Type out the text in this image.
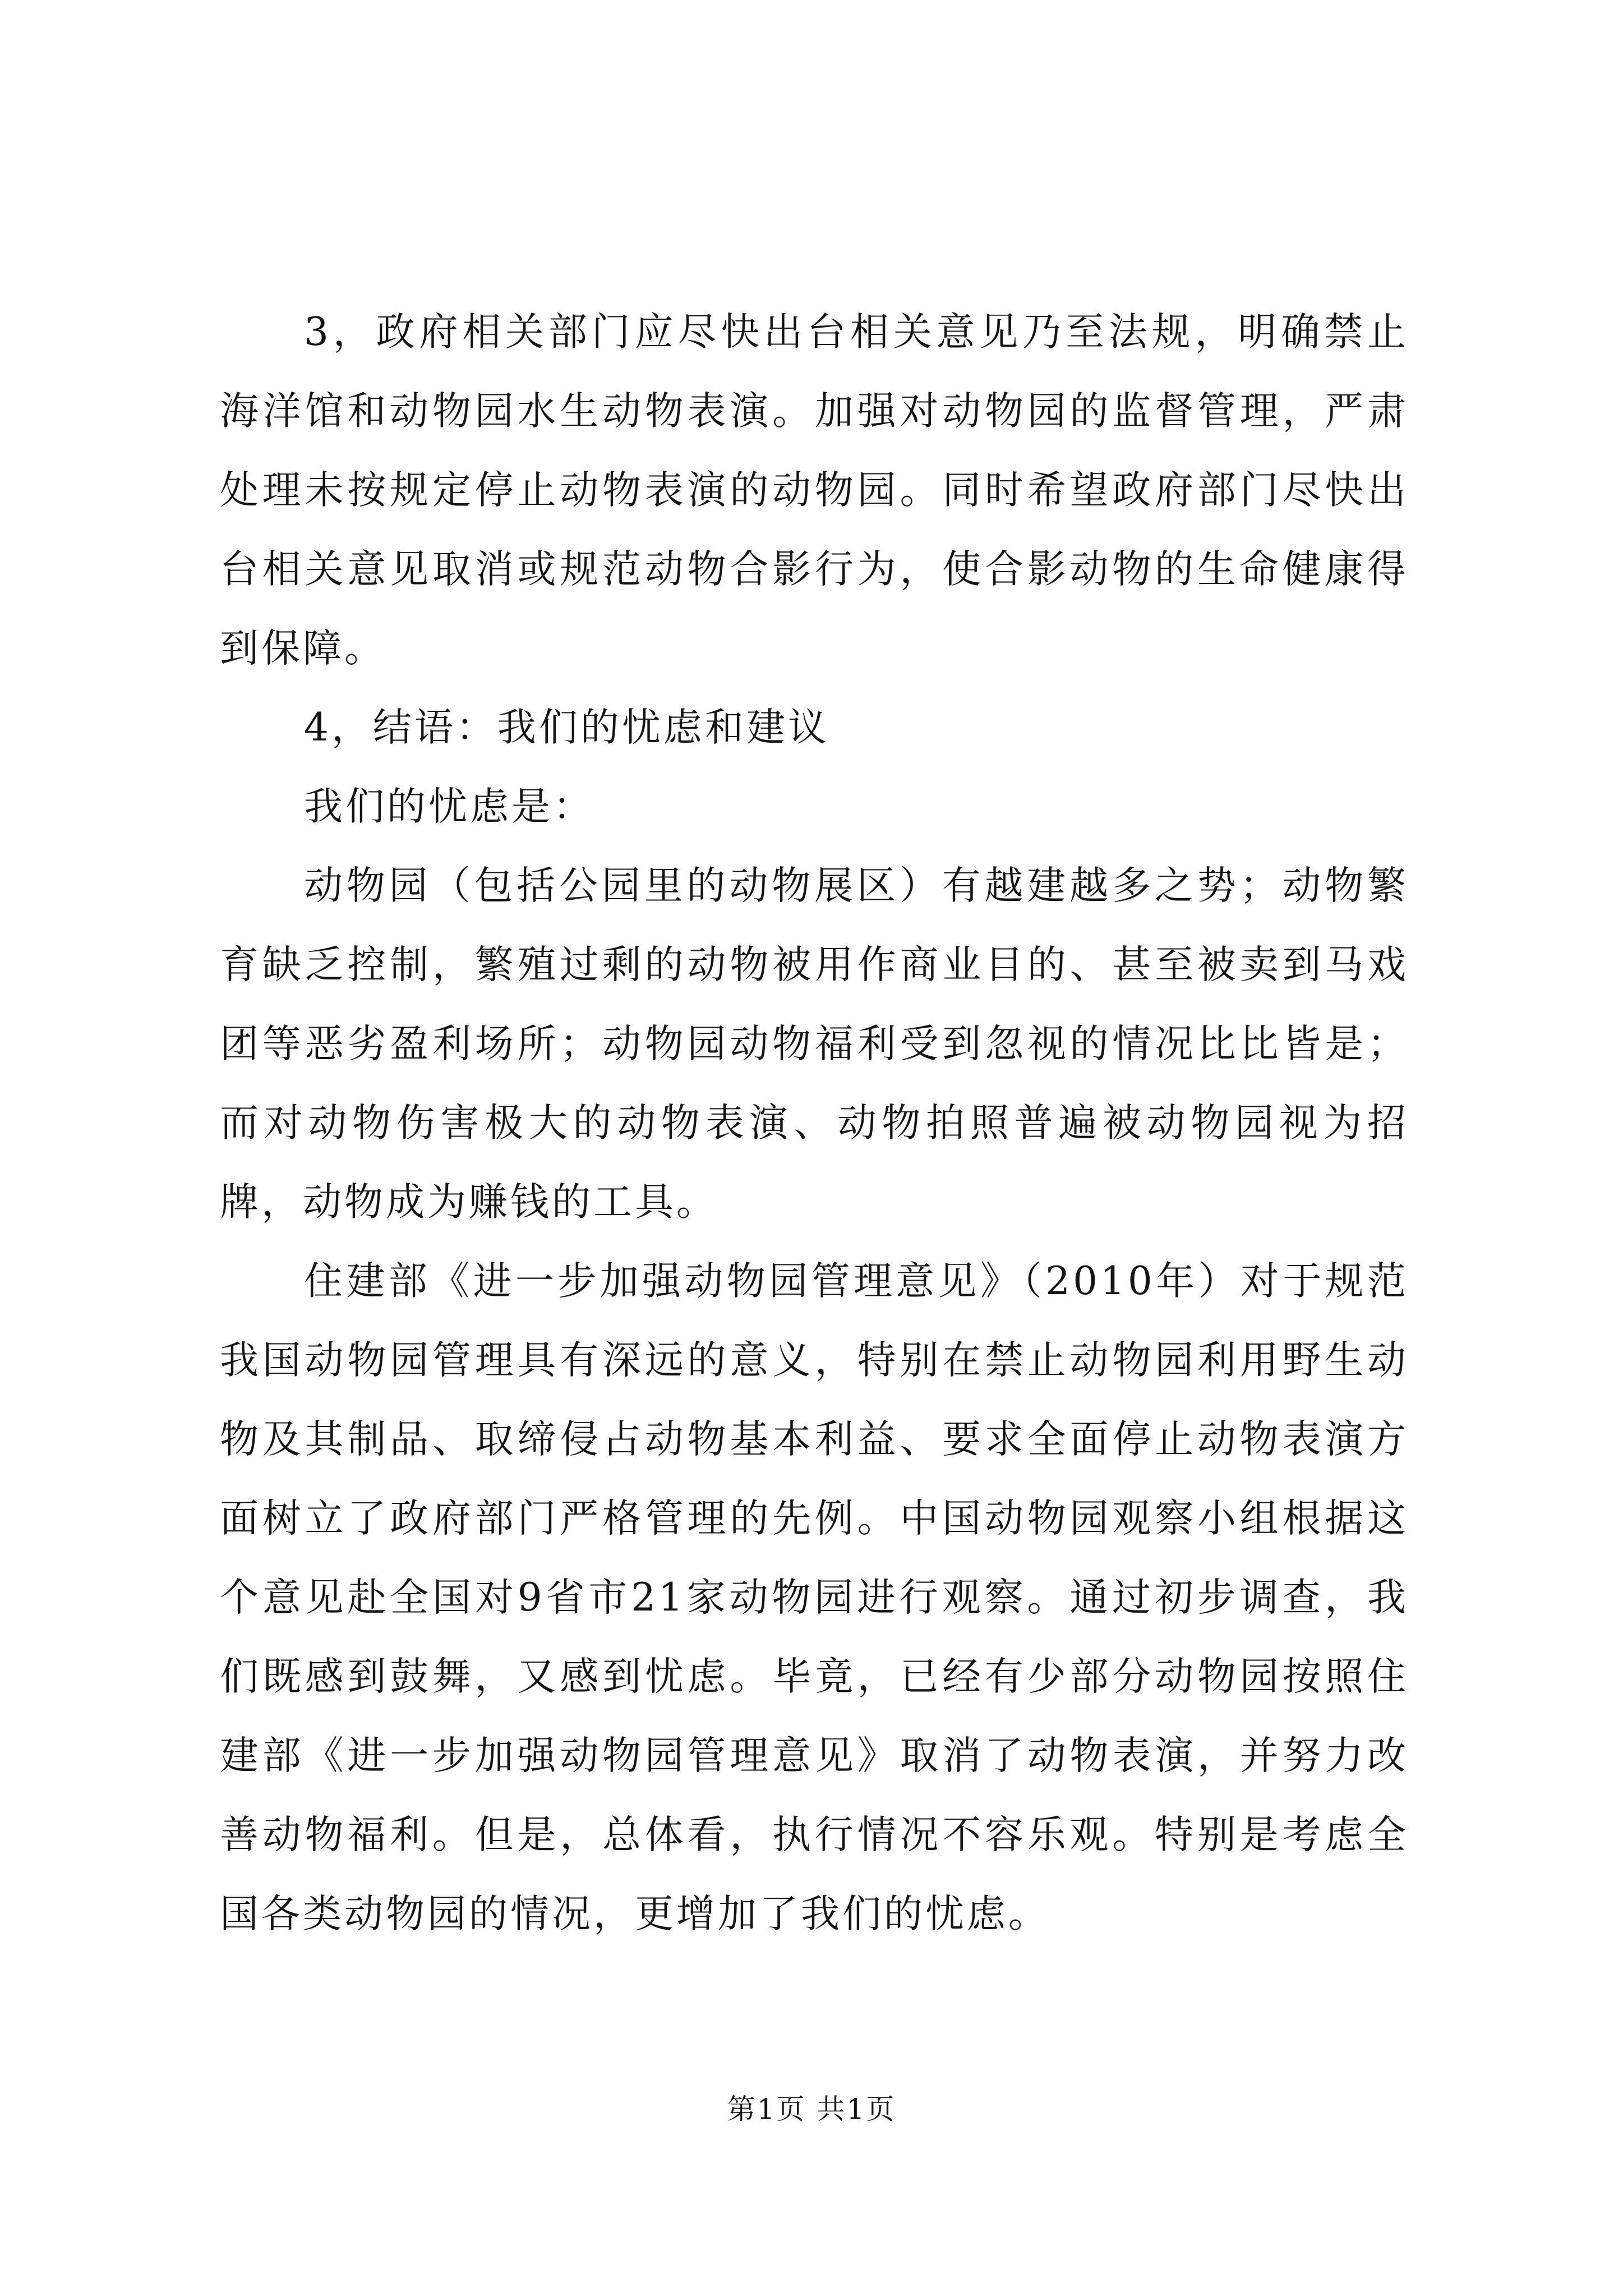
3，政府相关部门应尽快出台相关意见乃至法规，明确禁止海洋馆和动物园水生动物表演。加强对动物园的监督管理，严肃处理未按规定停止动物表演的动物园。同时希望政府部门尽快出台相关意见取消或规范动物合影行为，使合影动物的生命健康得到保障。

4，结语：我们的忧虑和建议

我们的忧虑是：

动物园（包括公园里的动物展区）有越建越多之势；动物繁育缺乏控制，繁殖过剩的动物被用作商业目的、甚至被卖到马戏团等恶劣盈利场所；动物园动物福利受到忽视的情况比比皆是；而对动物伤害极大的动物表演、动物拍照普遍被动物园视为招牌，动物成为赚钱的工具。

住建部《进一步加强动物园管理意见》（2010年）对于规范我国动物园管理具有深远的意义，特别在禁止动物园利用野生动物及其制品、取缔侵占动物基本利益、要求全面停止动物表演方面树立了政府部门严格管理的先例。中国动物园观察小组根据这个意见赴全国对9省市21家动物园进行观察。通过初步调查，我们既感到鼓舞，又感到忧虑。毕竟，已经有少部分动物园按照住建部《进一步加强动物园管理意见》取消了动物表演，并努力改善动物福利。但是，总体看，执行情况不容乐观。特别是考虑全国各类动物园的情况，更增加了我们的忧虑。

第1页 共1页
